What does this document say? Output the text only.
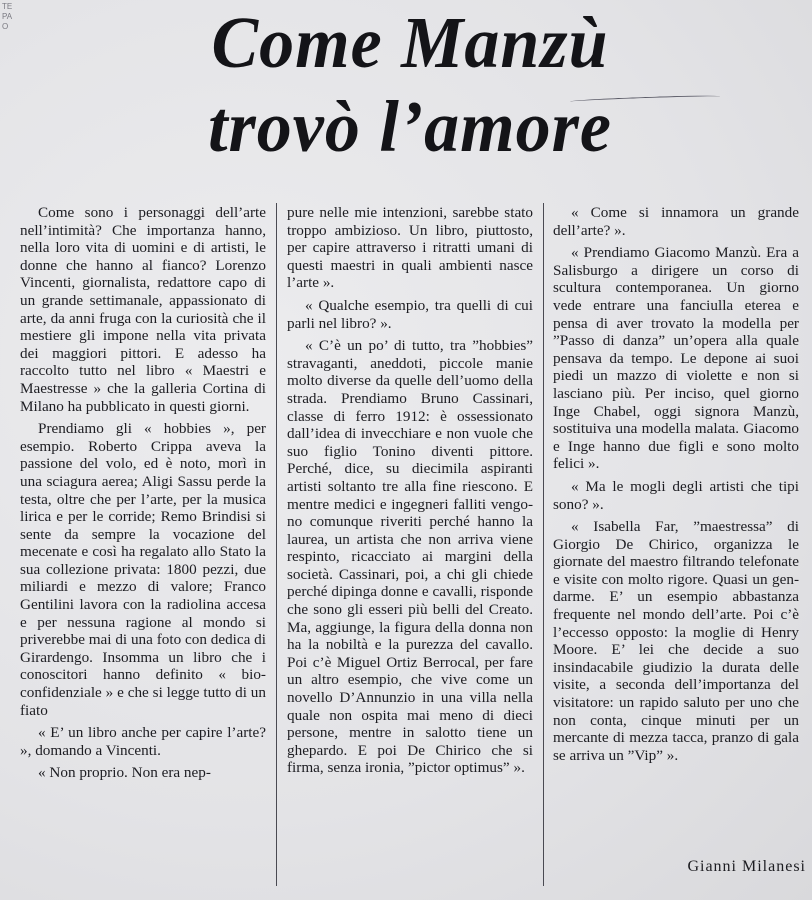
TE
PA
O	Come Manzù
trovò l’amore

Come sono i personaggi dell’arte nell’intimità? Che importanza hanno, nella loro vita di uomini e di artisti, le donne che hanno al fianco? Lorenzo Vincenti, giornalista, redattore capo di un grande settimanale, appassionato di arte, da anni fruga con la curiosità che il mestiere gli impone nella vita privata dei maggiori pittori. E adesso ha raccolto tutto nel libro « Maestri e Maestresse » che la galleria Cortina di Milano ha pubblicato in questi giorni.

Prendiamo gli « hobbies », per esempio. Roberto Crippa aveva la passione del volo, ed è noto, morì in una sciagura aerea; Aligi Sassu perde la testa, oltre che per l’arte, per la musica lirica e per le corride; Remo Brindisi si sente da sempre la vocazione del mecenate e così ha regalato allo Stato la sua collezione privata: 1800 pezzi, due miliardi e mezzo di valore; Franco Gentilini lavora con la radiolina accesa e per nessuna ragione al mondo si priverebbe mai di una foto con dedica di Girardengo. Insomma un libro che i conoscitori hanno definito « bio-confidenziale » e che si legge tutto di un fiato

« E’ un libro anche per capire l’arte? », domando a Vincenti.

« Non proprio. Non era nep-

pure nelle mie intenzioni, sarebbe stato troppo ambizioso. Un libro, piuttosto, per capire attraverso i ritratti umani di questi maestri in quali ambienti nasce l’arte ».

« Qualche esempio, tra quelli di cui parli nel libro? ».

« C’è un po’ di tutto, tra ”hobbies” stravaganti, aneddoti, piccole manie molto diverse da quelle dell’uomo della strada. Prendiamo Bruno Cassinari, classe di ferro 1912: è ossessionato dall’idea di invecchiare e non vuole che suo figlio Tonino diventi pittore. Perché, dice, su diecimila aspiranti artisti soltanto tre alla fine riescono. E mentre medici e ingegneri falliti vengono comunque riveriti perché hanno la laurea, un artista che non arriva viene respinto, ricacciato ai margini della società. Cassinari, poi, a chi gli chiede perché dipinga donne e cavalli, risponde che sono gli esseri più belli del Creato. Ma, aggiunge, la figura della donna non ha la nobiltà e la purezza del cavallo. Poi c’è Miguel Ortiz Berrocal, per fare un altro esempio, che vive come un novello D’Annunzio in una villa nella quale non ospita mai meno di dieci persone, mentre in salotto tiene un ghepardo. E poi De Chirico che si firma, senza ironia, ”pictor optimus” ».

« Come si innamora un grande dell’arte? ».

« Prendiamo Giacomo Manzù. Era a Salisburgo a dirigere un corso di scultura contemporanea. Un giorno vede entrare una fanciulla eterea e pensa di aver trovato la modella per ”Passo di danza” un’opera alla quale pensava da tempo. Le depone ai suoi piedi un mazzo di violette e non si lasciano più. Per inciso, quel giorno Inge Chabel, oggi signora Manzù, sostituiva una modella malata. Giacomo e Inge hanno due figli e sono molto felici ».

« Ma le mogli degli artisti che tipi sono? ».

« Isabella Far, ”maestressa” di Giorgio De Chirico, organizza le giornate del maestro filtrando telefonate e visite con molto rigore. Quasi un gendarme. E’ un esempio abbastanza frequente nel mondo dell’arte. Poi c’è l’eccesso opposto: la moglie di Henry Moore. E’ lei che decide a suo insindacabile giudizio la durata delle visite, a seconda dell’importanza del visitatore: un rapido saluto per uno che non conta, cinque minuti per un mercante di mezza tacca, pranzo di gala se arriva un ”Vip” ».

Gianni Milanesi
